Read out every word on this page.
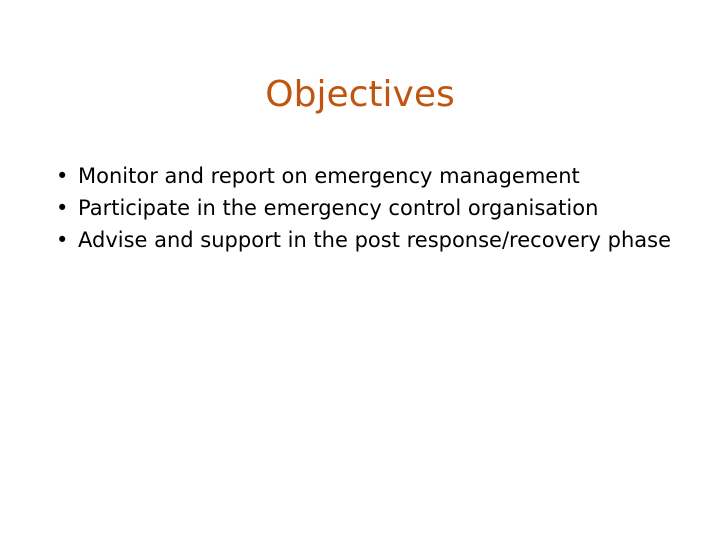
Objectives
• Monitor and report on emergency management
• Participate in the emergency control organisation
• Advise and support in the post response/recovery phase
